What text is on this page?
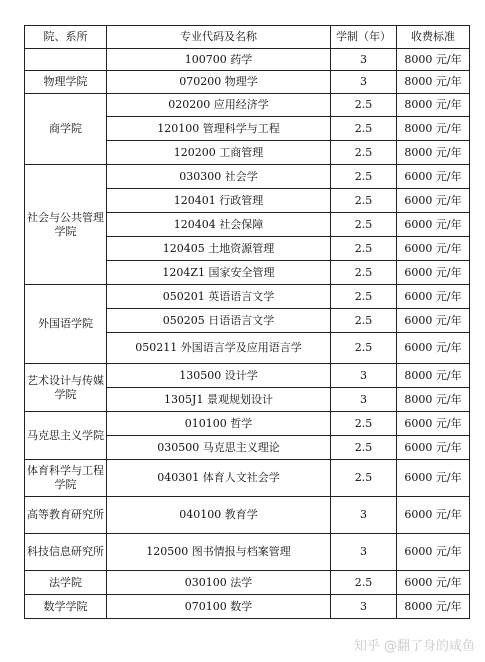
院、系所	专业代码及名称	学制（年）	收费标准
	100700 药学	3	8000 元/年
物理学院	070200 物理学	3	8000 元/年
商学院	020200 应用经济学	2.5	8000 元/年
	120100 管理科学与工程	2.5	8000 元/年
	120200 工商管理	2.5	8000 元/年
社会与公共管理学院	030300 社会学	2.5	6000 元/年
	120401 行政管理	2.5	6000 元/年
	120404 社会保障	2.5	6000 元/年
	120405 土地资源管理	2.5	6000 元/年
	1204Z1 国家安全管理	2.5	6000 元/年
外国语学院	050201 英语语言文学	2.5	6000 元/年
	050205 日语语言文学	2.5	6000 元/年
	050211 外国语言学及应用语言学	2.5	6000 元/年
艺术设计与传媒学院	130500 设计学	3	8000 元/年
	1305J1 景观规划设计	3	8000 元/年
马克思主义学院	010100 哲学	2.5	6000 元/年
	030500 马克思主义理论	2.5	6000 元/年
体育科学与工程学院	040301 体育人文社会学	2.5	6000 元/年
高等教育研究所	040100 教育学	3	6000 元/年
科技信息研究所	120500 图书情报与档案管理	3	6000 元/年
法学院	030100 法学	2.5	6000 元/年
数学学院	070100 数学	3	8000 元/年
知乎 @翻了身的咸鱼
